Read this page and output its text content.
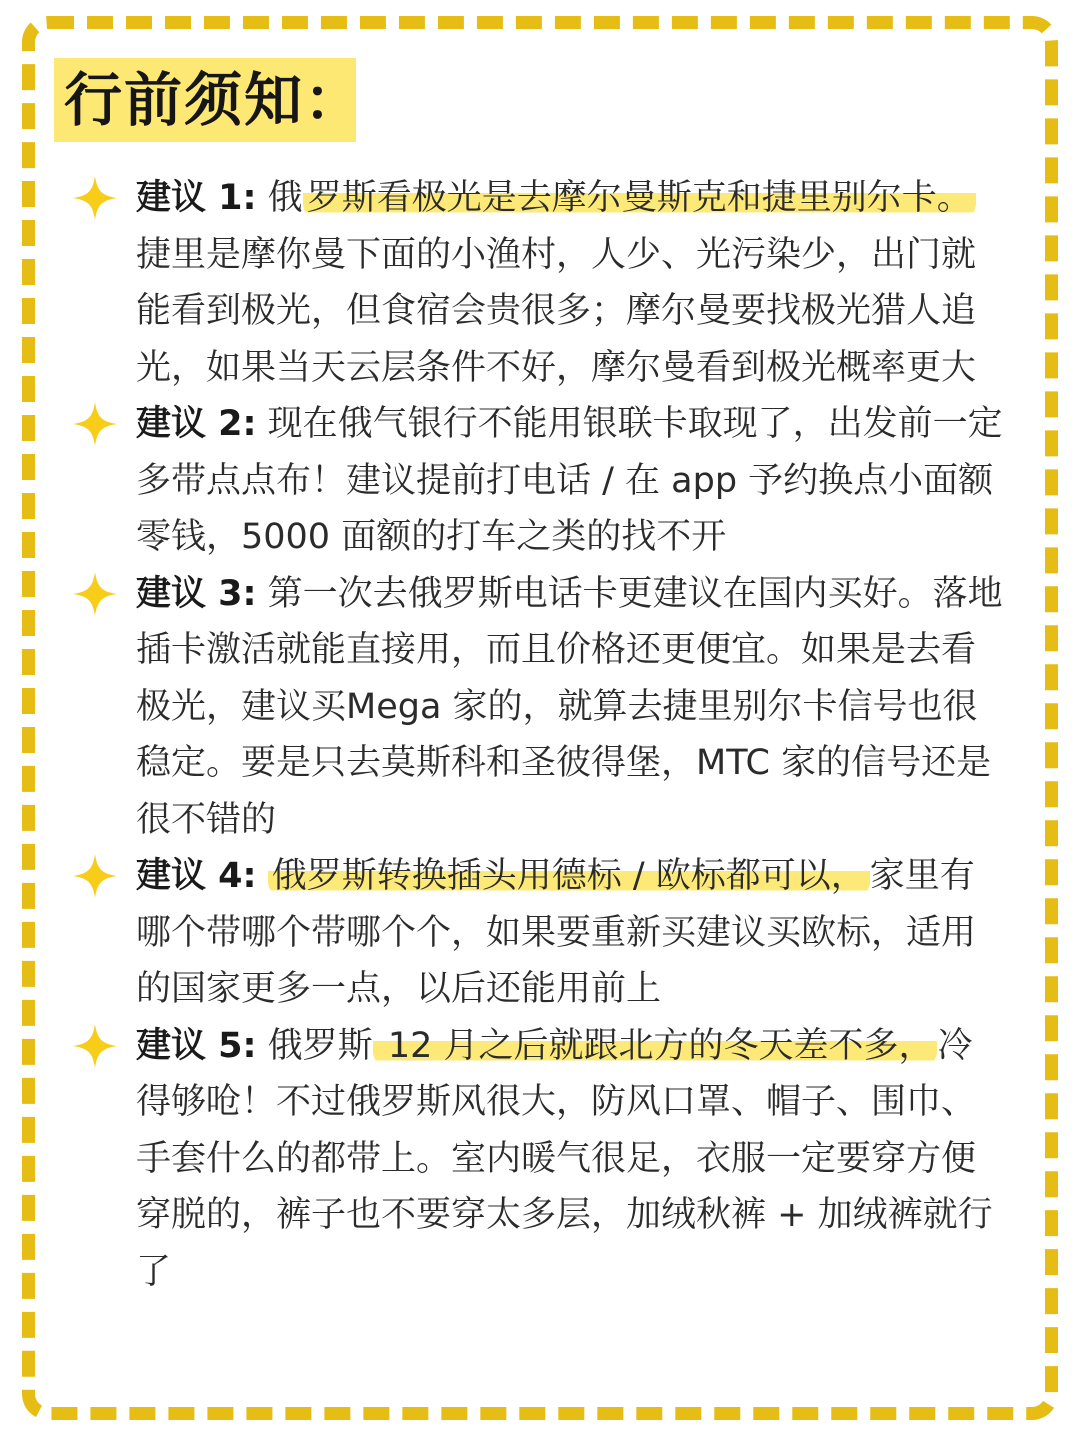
行前须知：

建议 1: 俄 罗斯看极光是去摩尔曼斯克和捷里别尔卡。捷里是摩你曼下面的小渔村，人少、光污染少，出门就能看到极光，但食宿会贵很多；摩尔曼要找极光猎人追光，如果当天云层条件不好，摩尔曼看到极光概率更大

建议 2: 现在俄气银行不能用银联卡取现了，出发前一定多带点点布！建议提前打电话 / 在 app 予约换点小面额零钱，5000 面额的打车之类的找不开

建议 3: 第一次去俄罗斯电话卡更建议在国内买好。落地插卡激活就能直接用，而且价格还更便宜。如果是去看极光，建议买Mega 家的，就算去捷里别尔卡信号也很稳定。要是只去莫斯科和圣彼得堡，MTC 家的信号还是很不错的

建议 4: 俄罗斯转换插头用德标 / 欧标都可以， 家里有哪个带哪个带哪个个，如果要重新买建议买欧标，适用的国家更多一点，以后还能用前上

建议 5: 俄罗斯 12 月之后就跟北方的冬天差不多， 冷得够呛！不过俄罗斯风很大，防风口罩、帽子、围巾、手套什么的都带上。室内暖气很足，衣服一定要穿方便穿脱的，裤子也不要穿太多层，加绒秋裤 + 加绒裤就行了
